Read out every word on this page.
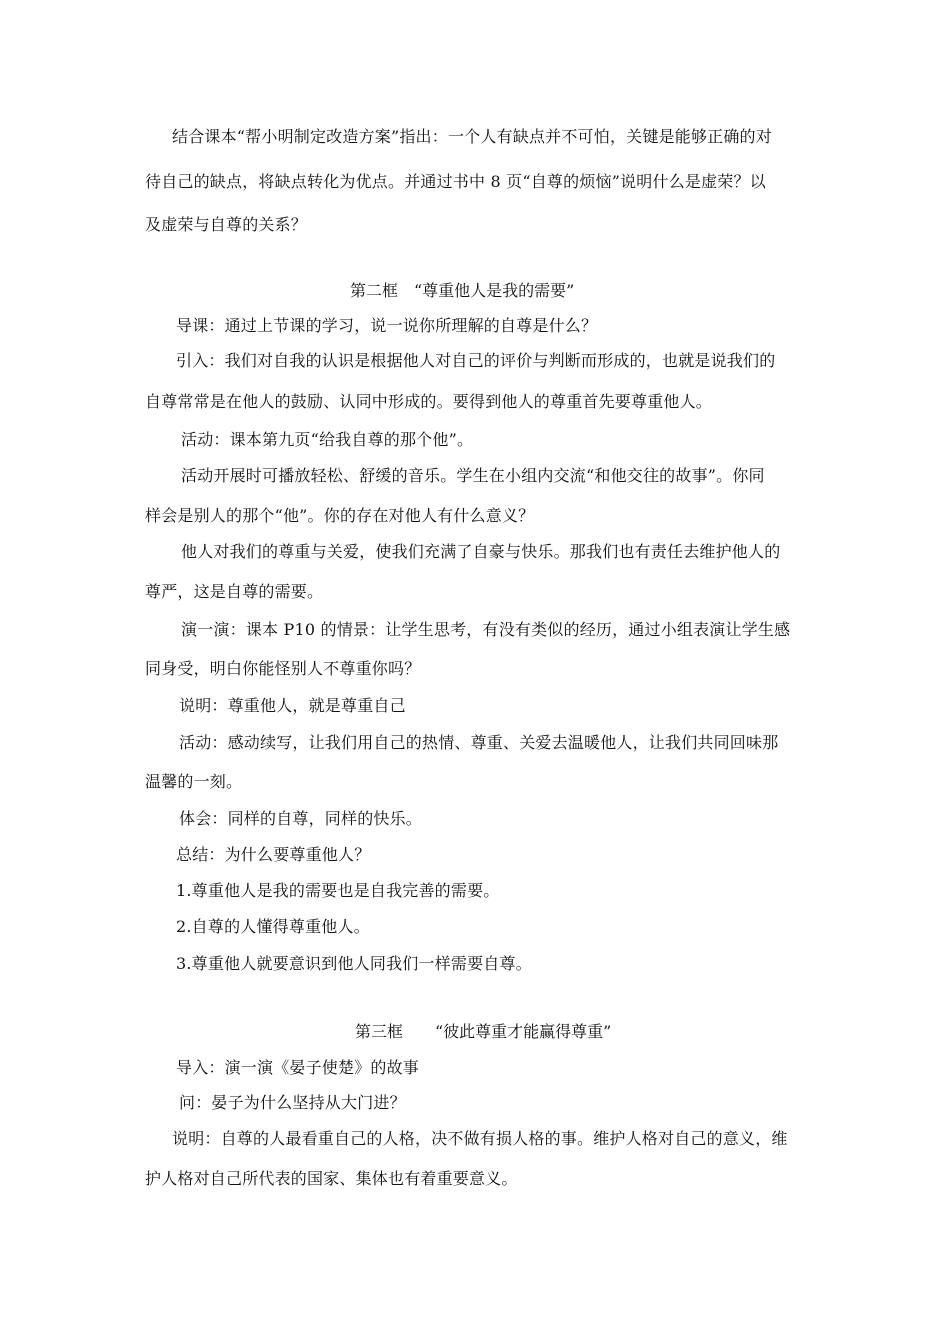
结合课本“帮小明制定改造方案”指出：一个人有缺点并不可怕，关键是能够正确的对
待自己的缺点，将缺点转化为优点。并通过书中 8 页“自尊的烦恼”说明什么是虚荣？以
及虚荣与自尊的关系？
第二框　“尊重他人是我的需要”
导课：通过上节课的学习，说一说你所理解的自尊是什么？
引入：我们对自我的认识是根据他人对自己的评价与判断而形成的，也就是说我们的
自尊常常是在他人的鼓励、认同中形成的。要得到他人的尊重首先要尊重他人。
活动：课本第九页“给我自尊的那个他”。
活动开展时可播放轻松、舒缓的音乐。学生在小组内交流“和他交往的故事”。你同
样会是别人的那个“他”。你的存在对他人有什么意义？
他人对我们的尊重与关爱，使我们充满了自豪与快乐。那我们也有责任去维护他人的
尊严，这是自尊的需要。
演一演：课本 P10 的情景：让学生思考，有没有类似的经历，通过小组表演让学生感
同身受，明白你能怪别人不尊重你吗？
说明：尊重他人，就是尊重自己
活动：感动续写，让我们用自己的热情、尊重、关爱去温暖他人，让我们共同回味那
温馨的一刻。
体会：同样的自尊，同样的快乐。
总结：为什么要尊重他人？
1.尊重他人是我的需要也是自我完善的需要。
2.自尊的人懂得尊重他人。
3.尊重他人就要意识到他人同我们一样需要自尊。
第三框　　“彼此尊重才能赢得尊重”
导入：演一演《晏子使楚》的故事
问：晏子为什么坚持从大门进？
说明：自尊的人最看重自己的人格，决不做有损人格的事。维护人格对自己的意义，维
护人格对自己所代表的国家、集体也有着重要意义。
